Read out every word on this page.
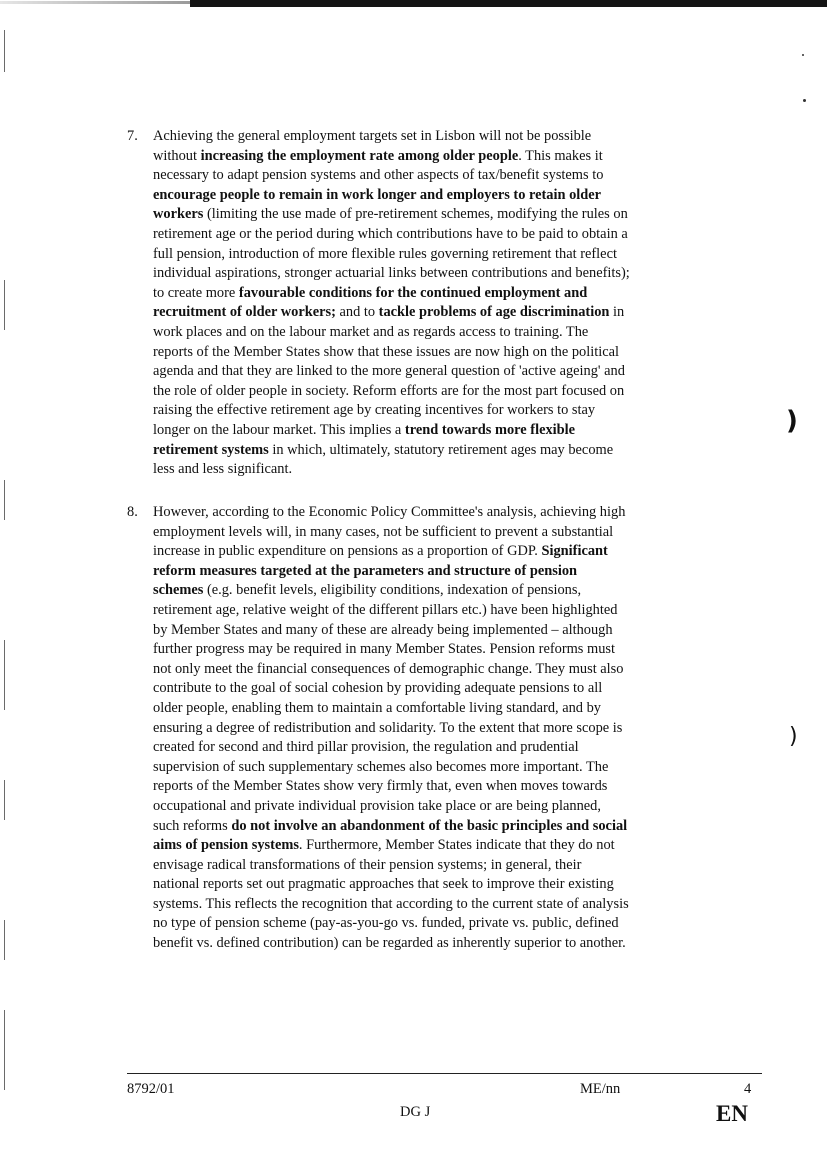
)
)
7. Achieving the general employment targets set in Lisbon will not be possible
without increasing the employment rate among older people. This makes it
necessary to adapt pension systems and other aspects of tax/benefit systems to
encourage people to remain in work longer and employers to retain older
workers (limiting the use made of pre-retirement schemes, modifying the rules on
retirement age or the period during which contributions have to be paid to obtain a
full pension, introduction of more flexible rules governing retirement that reflect
individual aspirations, stronger actuarial links between contributions and benefits);
to create more favourable conditions for the continued employment and
recruitment of older workers; and to tackle problems of age discrimination in
work places and on the labour market and as regards access to training. The
reports of the Member States show that these issues are now high on the political
agenda and that they are linked to the more general question of 'active ageing' and
the role of older people in society. Reform efforts are for the most part focused on
raising the effective retirement age by creating incentives for workers to stay
longer on the labour market. This implies a trend towards more flexible
retirement systems in which, ultimately, statutory retirement ages may become
less and less significant.
8. However, according to the Economic Policy Committee's analysis, achieving high
employment levels will, in many cases, not be sufficient to prevent a substantial
increase in public expenditure on pensions as a proportion of GDP. Significant
reform measures targeted at the parameters and structure of pension
schemes (e.g. benefit levels, eligibility conditions, indexation of pensions,
retirement age, relative weight of the different pillars etc.) have been highlighted
by Member States and many of these are already being implemented – although
further progress may be required in many Member States. Pension reforms must
not only meet the financial consequences of demographic change. They must also
contribute to the goal of social cohesion by providing adequate pensions to all
older people, enabling them to maintain a comfortable living standard, and by
ensuring a degree of redistribution and solidarity. To the extent that more scope is
created for second and third pillar provision, the regulation and prudential
supervision of such supplementary schemes also becomes more important. The
reports of the Member States show very firmly that, even when moves towards
occupational and private individual provision take place or are being planned,
such reforms do not involve an abandonment of the basic principles and social
aims of pension systems. Furthermore, Member States indicate that they do not
envisage radical transformations of their pension systems; in general, their
national reports set out pragmatic approaches that seek to improve their existing
systems. This reflects the recognition that according to the current state of analysis
no type of pension scheme (pay-as-you-go vs. funded, private vs. public, defined
benefit vs. defined contribution) can be regarded as inherently superior to another.
8792/01	ME/nn	4
DG J	EN
